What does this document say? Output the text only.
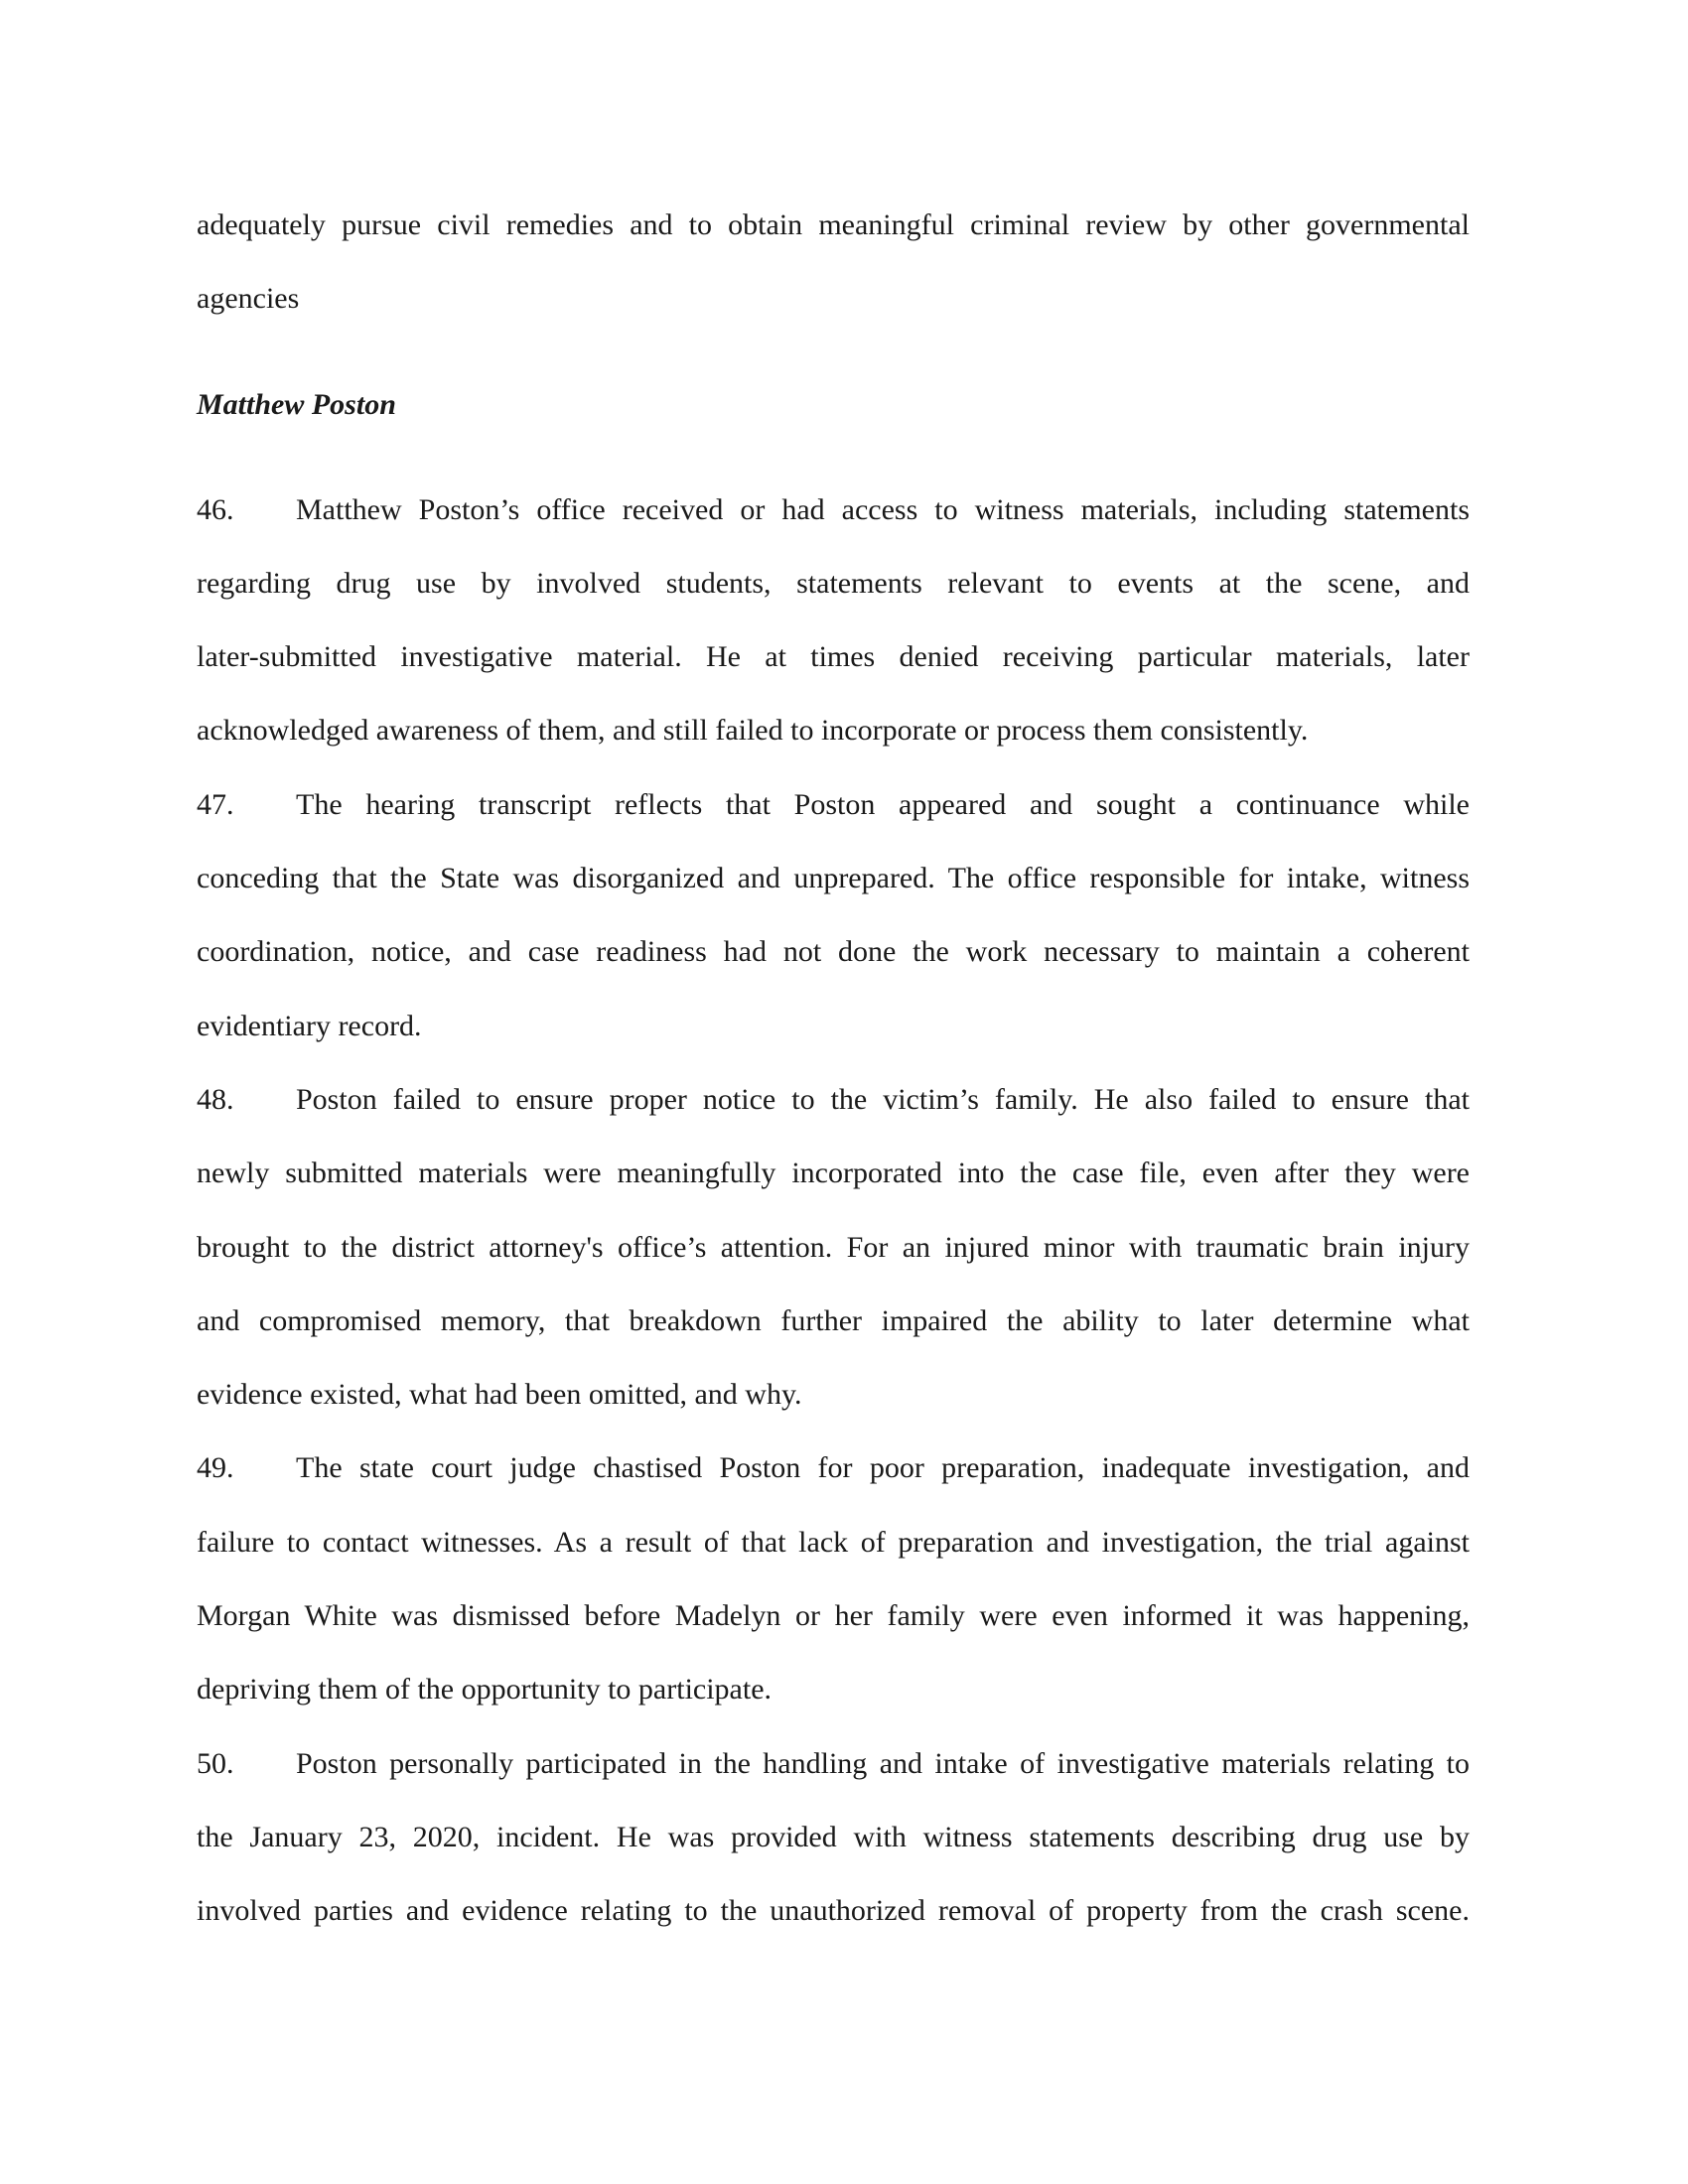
adequately pursue civil remedies and to obtain meaningful criminal review by other governmental
agencies
Matthew Poston
46. Matthew Poston’s office received or had access to witness materials, including statements
regarding drug use by involved students, statements relevant to events at the scene, and
later-submitted investigative material. He at times denied receiving particular materials, later
acknowledged awareness of them, and still failed to incorporate or process them consistently.
47. The hearing transcript reflects that Poston appeared and sought a continuance while
conceding that the State was disorganized and unprepared. The office responsible for intake, witness
coordination, notice, and case readiness had not done the work necessary to maintain a coherent
evidentiary record.
48. Poston failed to ensure proper notice to the victim’s family. He also failed to ensure that
newly submitted materials were meaningfully incorporated into the case file, even after they were
brought to the district attorney's office’s attention. For an injured minor with traumatic brain injury
and compromised memory, that breakdown further impaired the ability to later determine what
evidence existed, what had been omitted, and why.
49. The state court judge chastised Poston for poor preparation, inadequate investigation, and
failure to contact witnesses. As a result of that lack of preparation and investigation, the trial against
Morgan White was dismissed before Madelyn or her family were even informed it was happening,
depriving them of the opportunity to participate.
50. Poston personally participated in the handling and intake of investigative materials relating to
the January 23, 2020, incident. He was provided with witness statements describing drug use by
involved parties and evidence relating to the unauthorized removal of property from the crash scene.
